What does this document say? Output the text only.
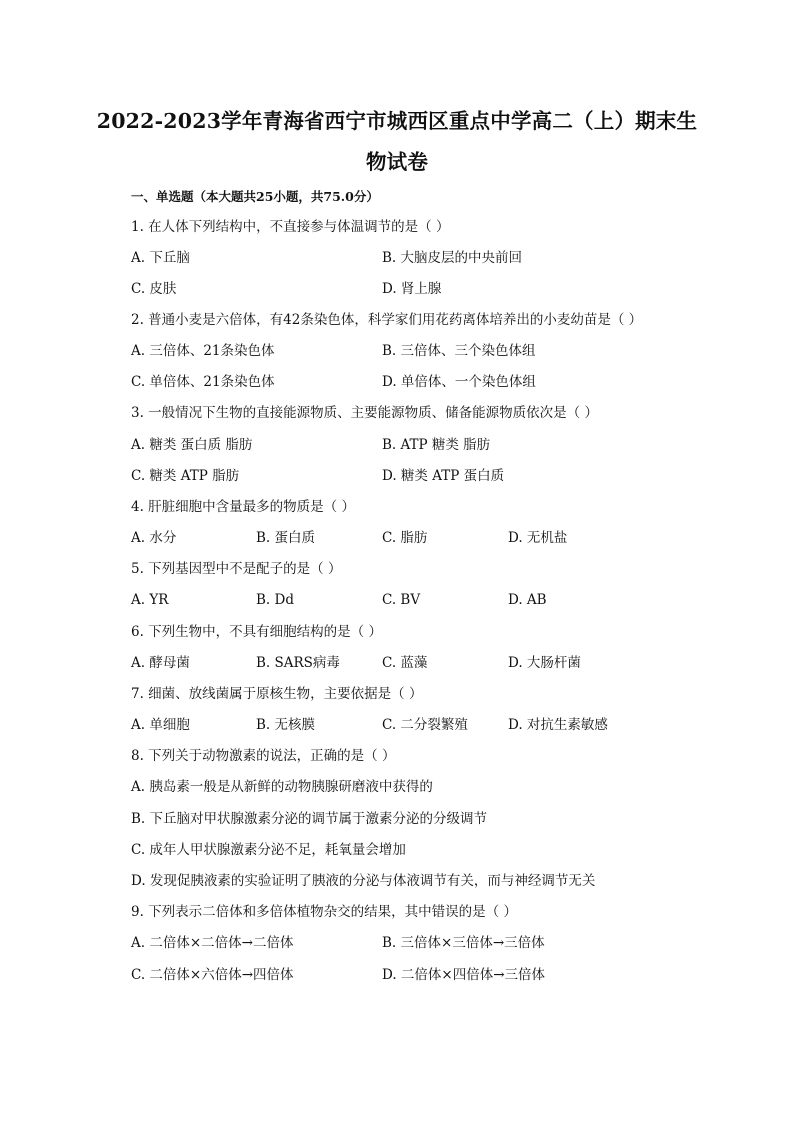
2022-2023学年青海省西宁市城西区重点中学高二（上）期末生
物试卷
一、单选题（本大题共25小题，共75.0分）
1. 在人体下列结构中，不直接参与体温调节的是（ ）
A. 下丘脑	B. 大脑皮层的中央前回
C. 皮肤	D. 肾上腺
2. 普通小麦是六倍体，有42条染色体，科学家们用花药离体培养出的小麦幼苗是（ ）
A. 三倍体、21条染色体	B. 三倍体、三个染色体组
C. 单倍体、21条染色体	D. 单倍体、一个染色体组
3. 一般情况下生物的直接能源物质、主要能源物质、储备能源物质依次是（ ）
A. 糖类 蛋白质 脂肪	B. ATP 糖类 脂肪
C. 糖类 ATP 脂肪	D. 糖类 ATP 蛋白质
4. 肝脏细胞中含量最多的物质是（ ）
A. 水分	B. 蛋白质	C. 脂肪	D. 无机盐
5. 下列基因型中不是配子的是（ ）
A. YR	B. Dd	C. BV	D. AB
6. 下列生物中，不具有细胞结构的是（ ）
A. 酵母菌	B. SARS病毒	C. 蓝藻	D. 大肠杆菌
7. 细菌、放线菌属于原核生物，主要依据是（ ）
A. 单细胞	B. 无核膜	C. 二分裂繁殖	D. 对抗生素敏感
8. 下列关于动物激素的说法，正确的是（ ）
A. 胰岛素一般是从新鲜的动物胰腺研磨液中获得的
B. 下丘脑对甲状腺激素分泌的调节属于激素分泌的分级调节
C. 成年人甲状腺激素分泌不足，耗氧量会增加
D. 发现促胰液素的实验证明了胰液的分泌与体液调节有关，而与神经调节无关
9. 下列表示二倍体和多倍体植物杂交的结果，其中错误的是（ ）
A. 二倍体×二倍体→二倍体	B. 三倍体×三倍体→三倍体
C. 二倍体×六倍体→四倍体	D. 二倍体×四倍体→三倍体
